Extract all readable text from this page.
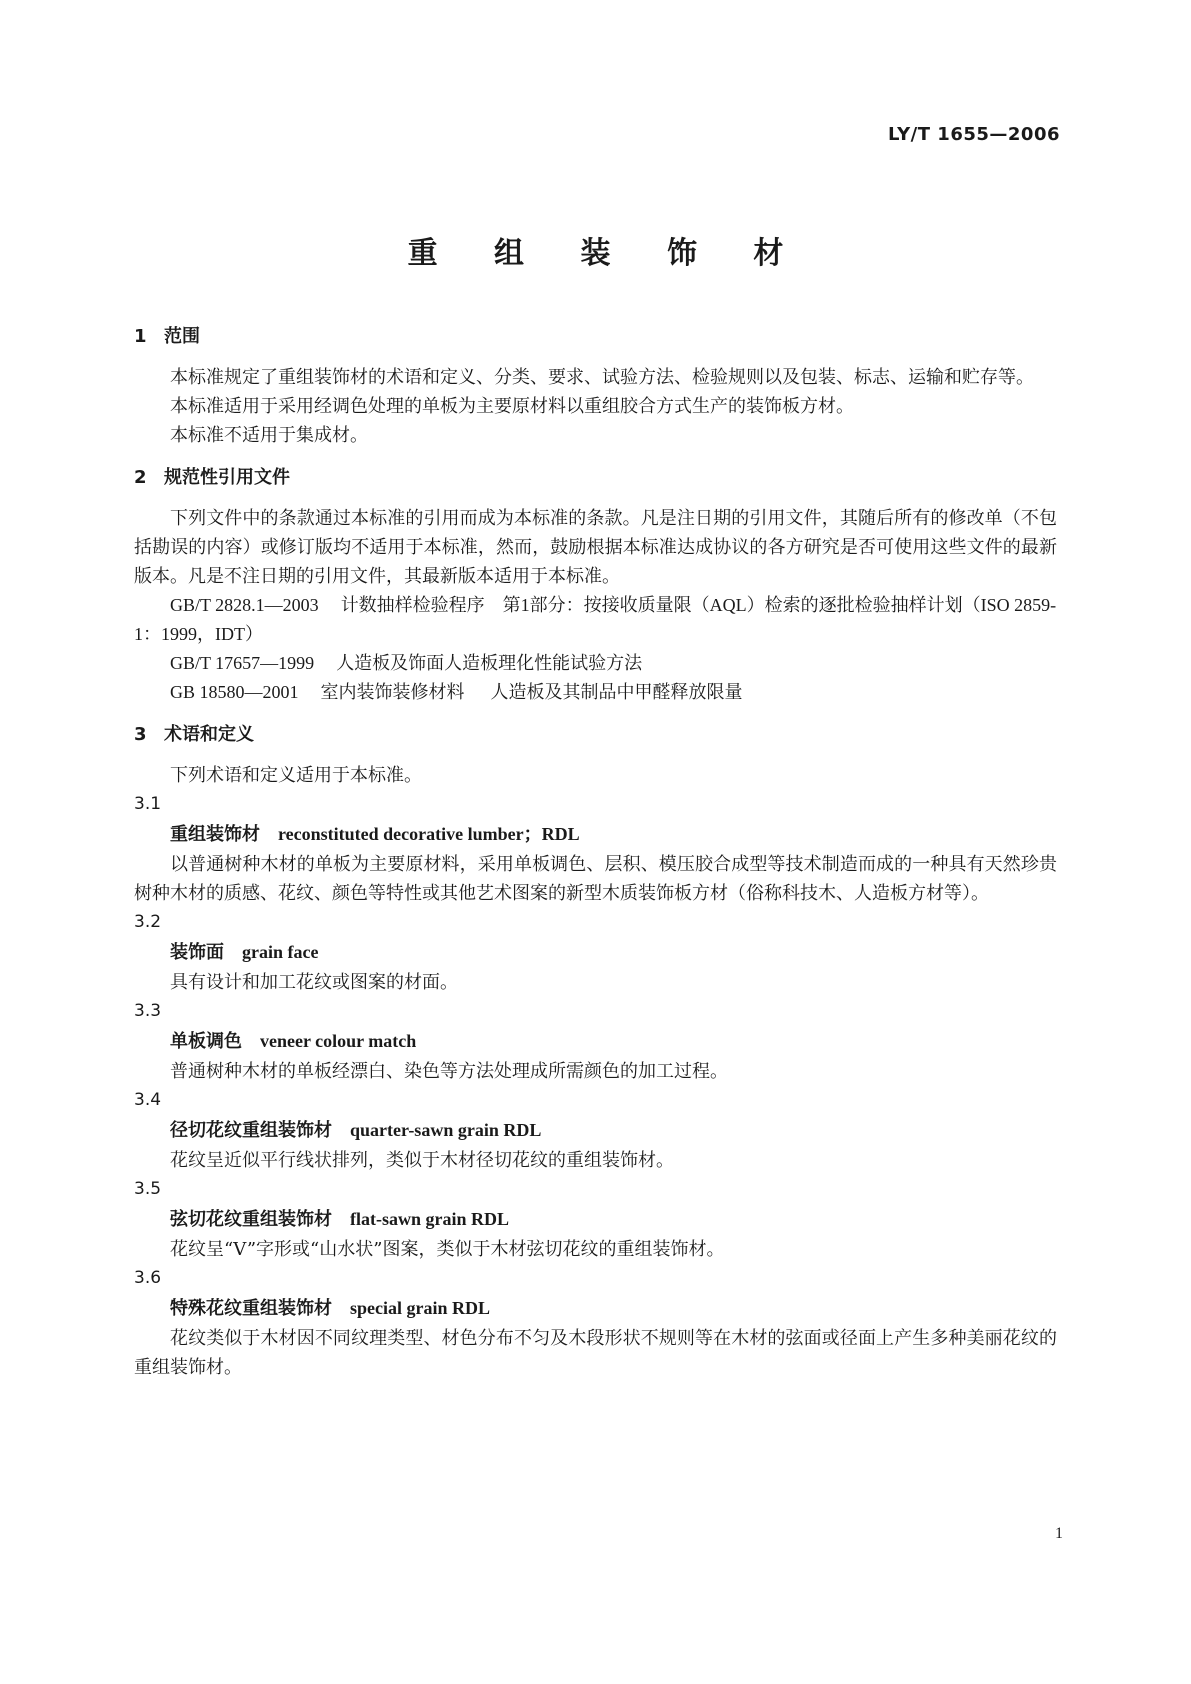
LY/T 1655—2006
重 组 装 饰 材
1 范围
本标准规定了重组装饰材的术语和定义、分类、要求、试验方法、检验规则以及包装、标志、运输和贮存等。
本标准适用于采用经调色处理的单板为主要原材料以重组胶合方式生产的装饰板方材。
本标准不适用于集成材。
2 规范性引用文件
下列文件中的条款通过本标准的引用而成为本标准的条款。凡是注日期的引用文件，其随后所有的修改单（不包括勘误的内容）或修订版均不适用于本标准，然而，鼓励根据本标准达成协议的各方研究是否可使用这些文件的最新版本。凡是不注日期的引用文件，其最新版本适用于本标准。
GB/T 2828.1—2003 计数抽样检验程序　第1部分：按接收质量限（AQL）检索的逐批检验抽样计划（ISO 2859-1：1999，IDT）
GB/T 17657—1999 人造板及饰面人造板理化性能试验方法
GB 18580—2001 室内装饰装修材料 人造板及其制品中甲醛释放限量
3 术语和定义
下列术语和定义适用于本标准。
3.1
重组装饰材 reconstituted decorative lumber；RDL
以普通树种木材的单板为主要原材料，采用单板调色、层积、模压胶合成型等技术制造而成的一种具有天然珍贵树种木材的质感、花纹、颜色等特性或其他艺术图案的新型木质装饰板方材（俗称科技木、人造板方材等）。
3.2
装饰面 grain face
具有设计和加工花纹或图案的材面。
3.3
单板调色 veneer colour match
普通树种木材的单板经漂白、染色等方法处理成所需颜色的加工过程。
3.4
径切花纹重组装饰材 quarter-sawn grain RDL
花纹呈近似平行线状排列，类似于木材径切花纹的重组装饰材。
3.5
弦切花纹重组装饰材 flat-sawn grain RDL
花纹呈“V”字形或“山水状”图案，类似于木材弦切花纹的重组装饰材。
3.6
特殊花纹重组装饰材 special grain RDL
花纹类似于木材因不同纹理类型、材色分布不匀及木段形状不规则等在木材的弦面或径面上产生多种美丽花纹的重组装饰材。
1
